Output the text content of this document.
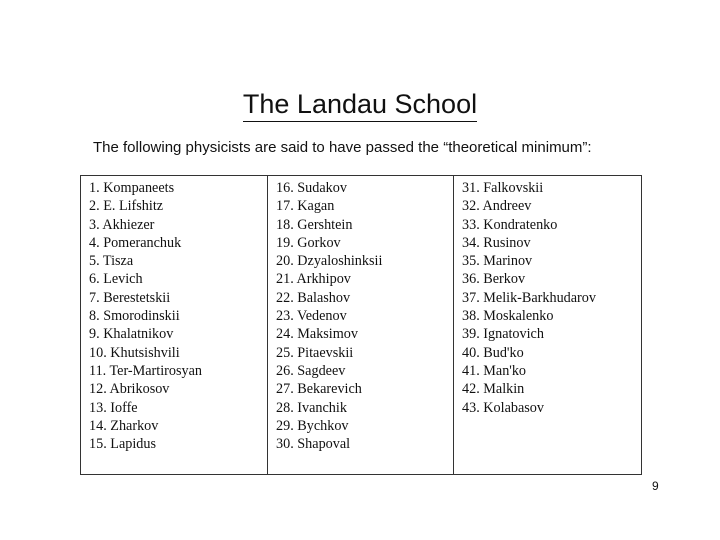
The Landau School
The following physicists are said to have passed the “theoretical minimum”:
1. Kompaneets
2. E. Lifshitz
3. Akhiezer
4. Pomeranchuk
5. Tisza
6. Levich
7. Berestetskii
8. Smorodinskii
9. Khalatnikov
10. Khutsishvili
11. Ter-Martirosyan
12. Abrikosov
13. Ioffe
14. Zharkov
15. Lapidus
16. Sudakov
17. Kagan
18. Gershtein
19. Gorkov
20. Dzyaloshinksii
21. Arkhipov
22. Balashov
23. Vedenov
24. Maksimov
25. Pitaevskii
26. Sagdeev
27. Bekarevich
28. Ivanchik
29. Bychkov
30. Shapoval
31. Falkovskii
32. Andreev
33. Kondratenko
34. Rusinov
35. Marinov
36. Berkov
37. Melik-Barkhudarov
38. Moskalenko
39. Ignatovich
40. Bud'ko
41. Man'ko
42. Malkin
43. Kolabasov
9
